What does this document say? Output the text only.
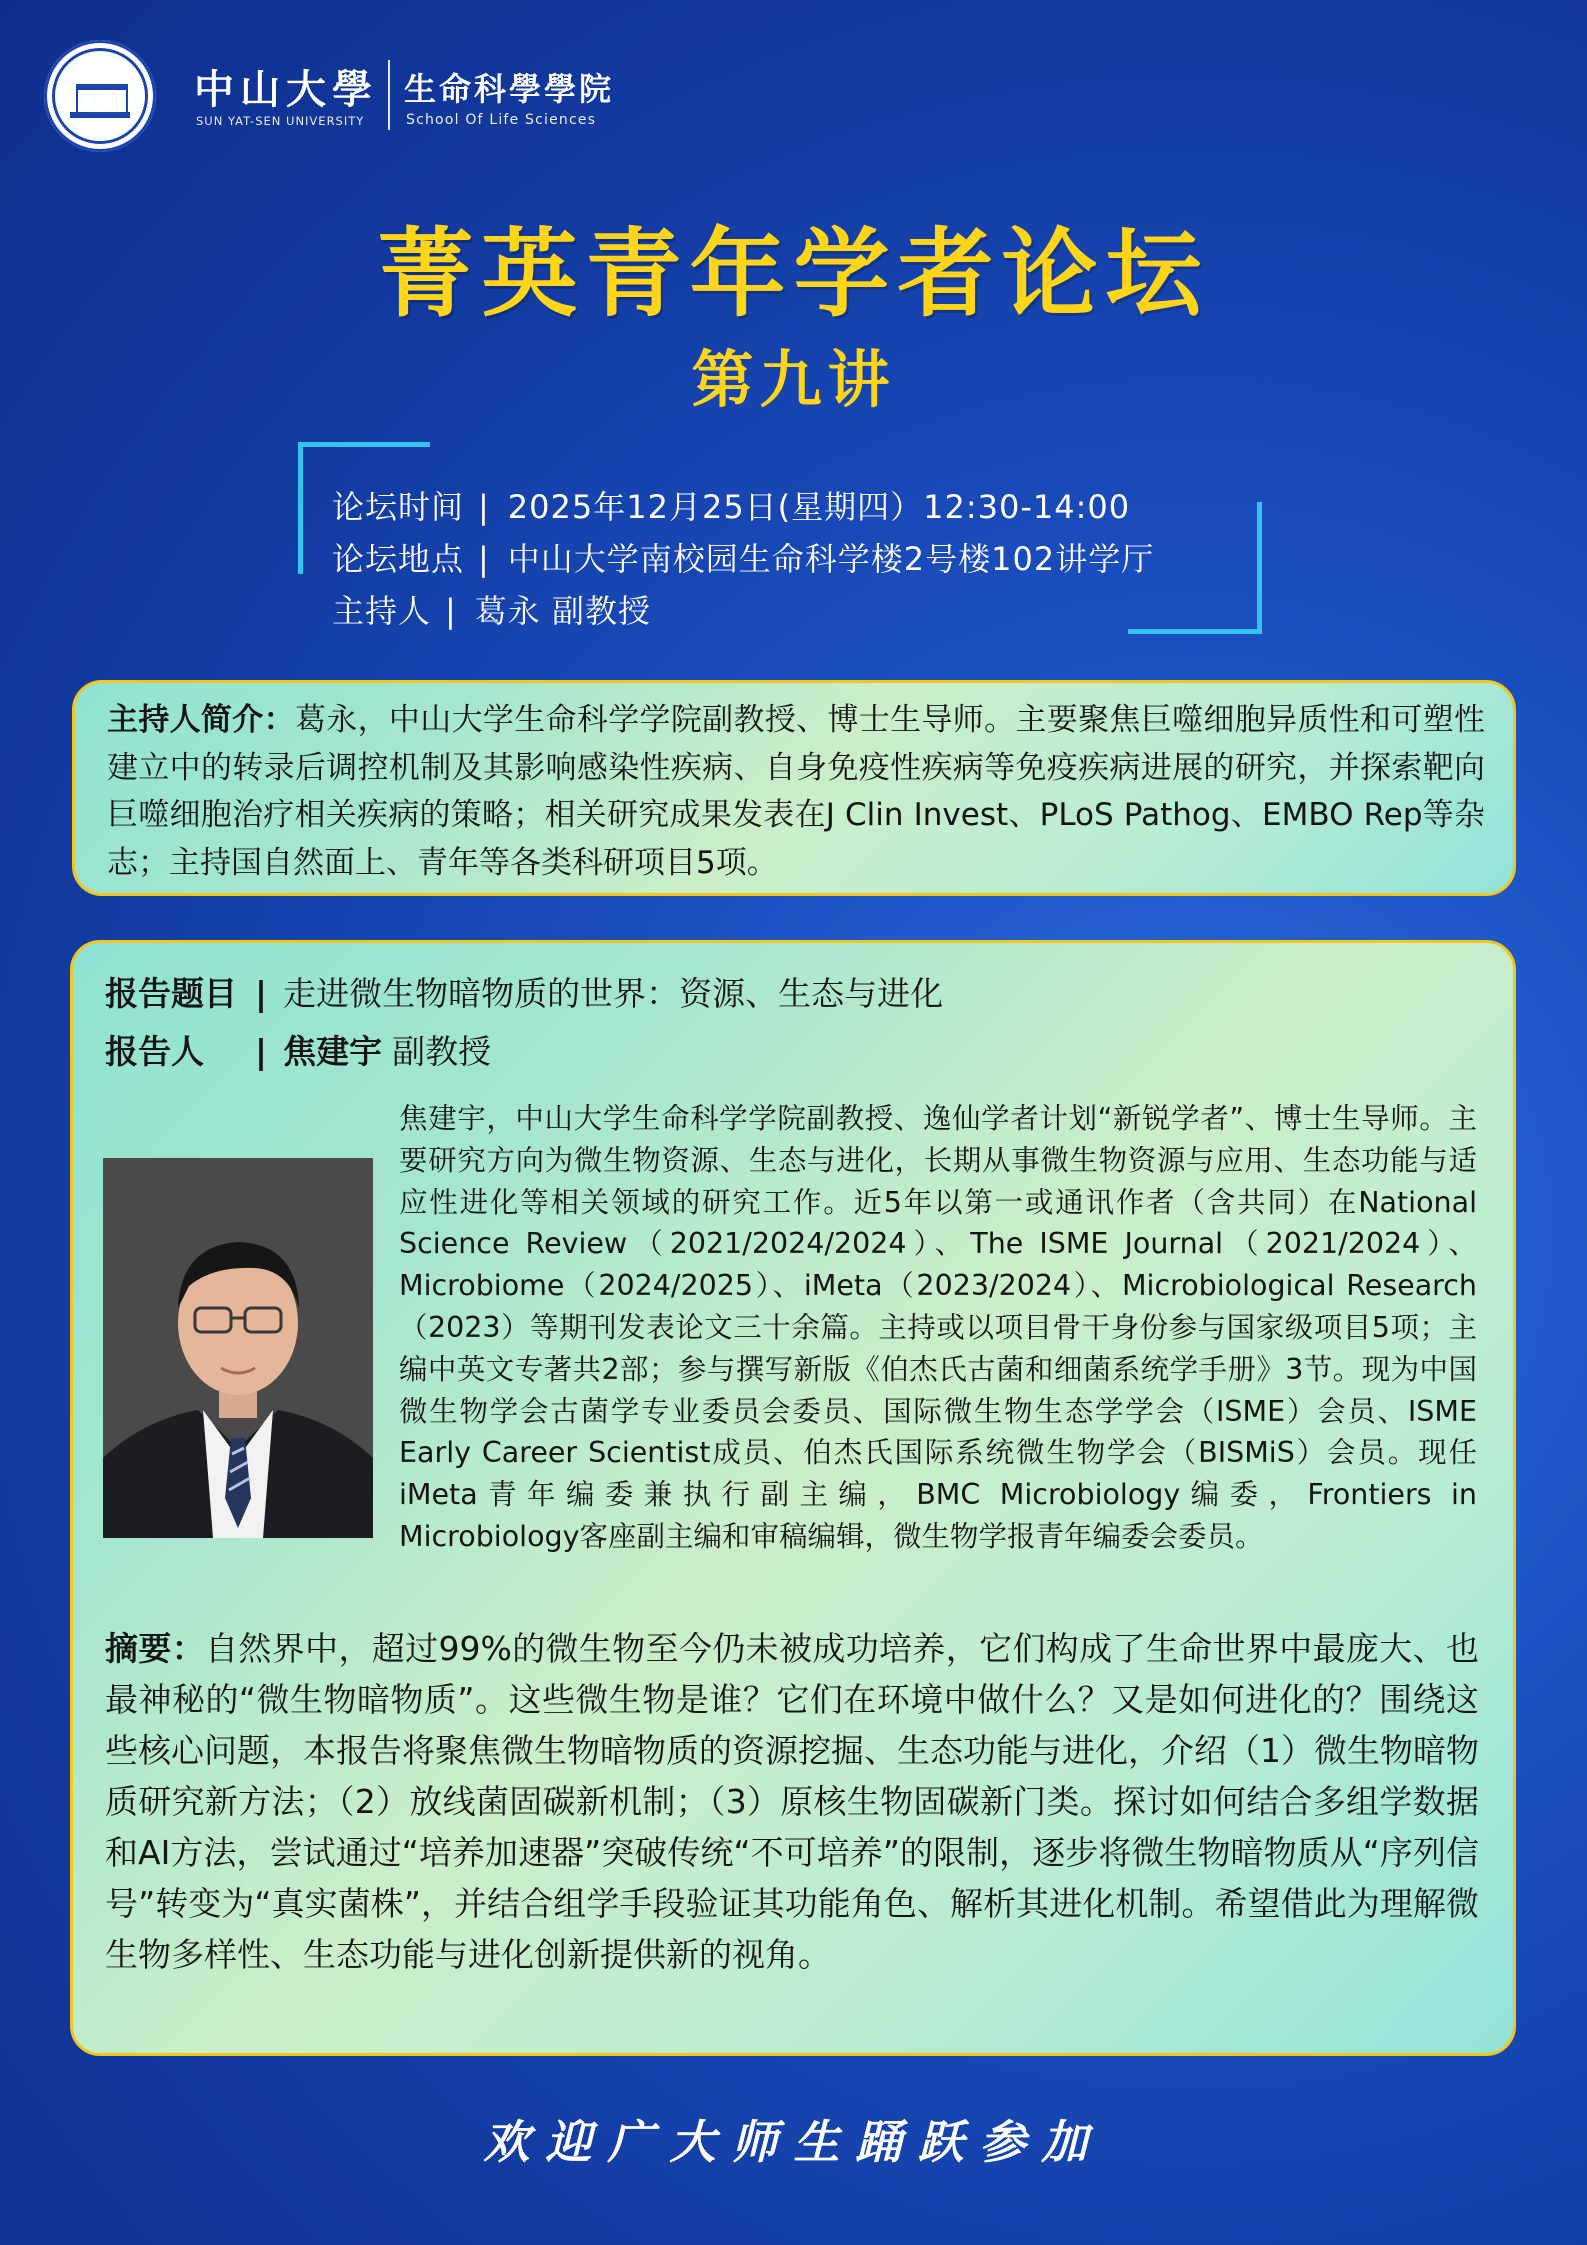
中山大學
SUN YAT-SEN UNIVERSITY
生命科學學院
School Of Life Sciences
菁英青年学者论坛
第九讲
论坛时间 | 2025年12月25日(星期四）12:30-14:00
论坛地点 | 中山大学南校园生命科学楼2号楼102讲学厅
主持人 | 葛永 副教授
主持人简介：葛永，中山大学生命科学学院副教授、博士生导师。主要聚焦巨噬细胞异质性和可塑性建立中的转录后调控机制及其影响感染性疾病、自身免疫性疾病等免疫疾病进展的研究，并探索靶向巨噬细胞治疗相关疾病的策略；相关研究成果发表在J Clin Invest、PLoS Pathog、EMBO Rep等杂志；主持国自然面上、青年等各类科研项目5项。
报告题目 | 走进微生物暗物质的世界：资源、生态与进化
报告人 | 焦建宇 副教授
焦建宇，中山大学生命科学学院副教授、逸仙学者计划“新锐学者”、博士生导师。主要研究方向为微生物资源、生态与进化，长期从事微生物资源与应用、生态功能与适应性进化等相关领域的研究工作。近5年以第一或通讯作者（含共同）在National Science Review（2021/2024/2024）、The ISME Journal（2021/2024）、Microbiome（2024/2025）、iMeta（2023/2024）、Microbiological Research（2023）等期刊发表论文三十余篇。主持或以项目骨干身份参与国家级项目5项；主编中英文专著共2部；参与撰写新版《伯杰氏古菌和细菌系统学手册》3节。现为中国微生物学会古菌学专业委员会委员、国际微生物生态学学会（ISME）会员、ISME Early Career Scientist成员、伯杰氏国际系统微生物学会（BISMiS）会员。现任iMeta青年编委兼执行副主编，BMC Microbiology编委，Frontiers in Microbiology客座副主编和审稿编辑，微生物学报青年编委会委员。
摘要：自然界中，超过99%的微生物至今仍未被成功培养，它们构成了生命世界中最庞大、也最神秘的“微生物暗物质”。这些微生物是谁？它们在环境中做什么？又是如何进化的？围绕这些核心问题，本报告将聚焦微生物暗物质的资源挖掘、生态功能与进化，介绍（1）微生物暗物质研究新方法；（2）放线菌固碳新机制；（3）原核生物固碳新门类。探讨如何结合多组学数据和AI方法，尝试通过“培养加速器”突破传统“不可培养”的限制，逐步将微生物暗物质从“序列信号”转变为“真实菌株”，并结合组学手段验证其功能角色、解析其进化机制。希望借此为理解微生物多样性、生态功能与进化创新提供新的视角。
欢迎广大师生踊跃参加
